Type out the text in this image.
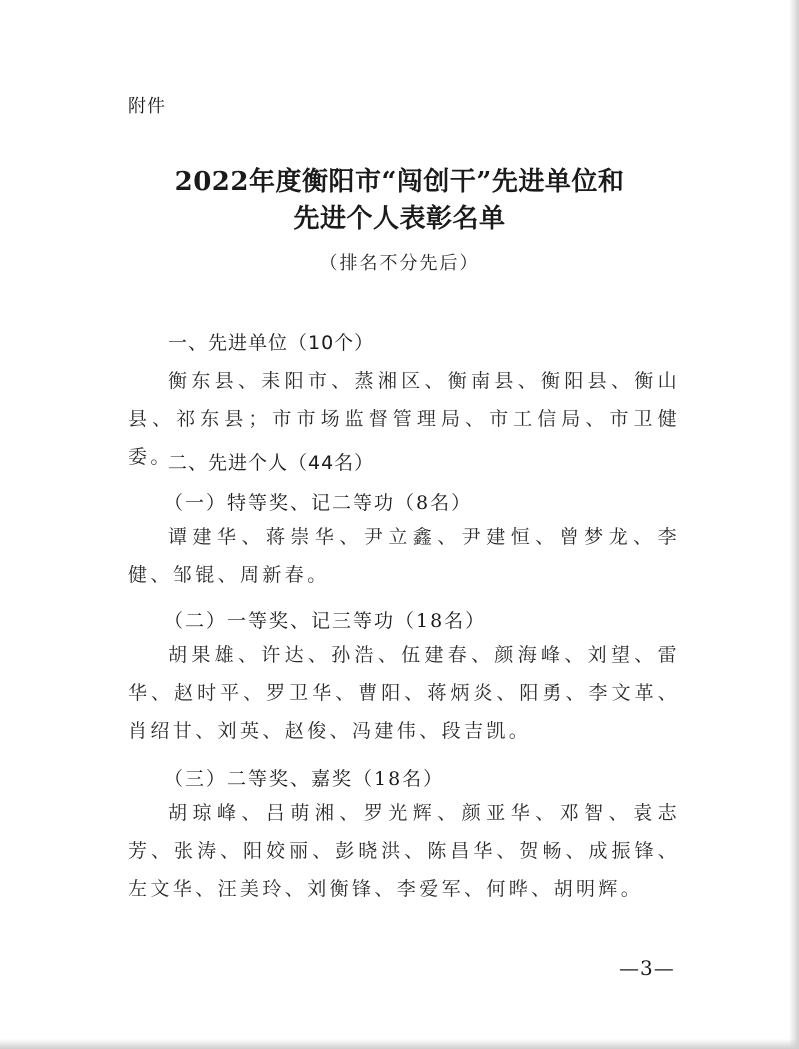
附件
2022年度衡阳市“闯创干”先进单位和
先进个人表彰名单
（排名不分先后）
一、先进单位（10个）
衡东县、耒阳市、蒸湘区、衡南县、衡阳县、衡山县、祁东县；市市场监督管理局、市工信局、市卫健委。
二、先进个人（44名）
（一）特等奖、记二等功（8名）
谭建华、蒋崇华、尹立鑫、尹建恒、曾梦龙、李健、邹锟、周新春。
（二）一等奖、记三等功（18名）
胡果雄、许达、孙浩、伍建春、颜海峰、刘望、雷华、赵时平、罗卫华、曹阳、蒋炳炎、阳勇、李文革、肖绍甘、刘英、赵俊、冯建伟、段吉凯。
（三）二等奖、嘉奖（18名）
胡琼峰、吕萌湘、罗光辉、颜亚华、邓智、袁志芳、张涛、阳姣丽、彭晓洪、陈昌华、贺畅、成振锋、左文华、汪美玲、刘衡锋、李爱军、何晔、胡明辉。
—3—
